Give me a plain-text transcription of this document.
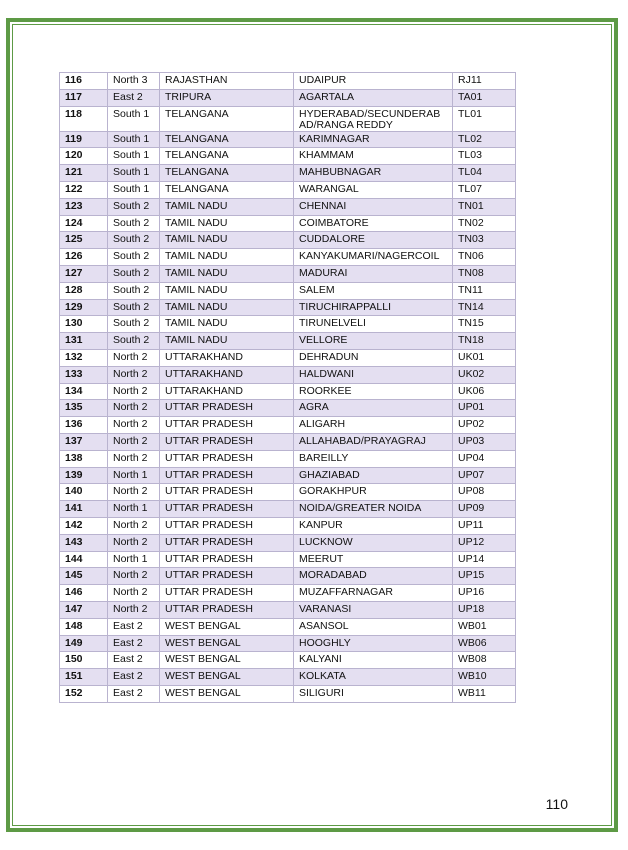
116	North 3	RAJASTHAN	UDAIPUR	RJ11
117	East 2	TRIPURA	AGARTALA	TA01
118	South 1	TELANGANA	HYDERABAD/SECUNDERAB AD/RANGA REDDY	TL01
119	South 1	TELANGANA	KARIMNAGAR	TL02
120	South 1	TELANGANA	KHAMMAM	TL03
121	South 1	TELANGANA	MAHBUBNAGAR	TL04
122	South 1	TELANGANA	WARANGAL	TL07
123	South 2	TAMIL NADU	CHENNAI	TN01
124	South 2	TAMIL NADU	COIMBATORE	TN02
125	South 2	TAMIL NADU	CUDDALORE	TN03
126	South 2	TAMIL NADU	KANYAKUMARI/NAGERCOIL	TN06
127	South 2	TAMIL NADU	MADURAI	TN08
128	South 2	TAMIL NADU	SALEM	TN11
129	South 2	TAMIL NADU	TIRUCHIRAPPALLI	TN14
130	South 2	TAMIL NADU	TIRUNELVELI	TN15
131	South 2	TAMIL NADU	VELLORE	TN18
132	North 2	UTTARAKHAND	DEHRADUN	UK01
133	North 2	UTTARAKHAND	HALDWANI	UK02
134	North 2	UTTARAKHAND	ROORKEE	UK06
135	North 2	UTTAR PRADESH	AGRA	UP01
136	North 2	UTTAR PRADESH	ALIGARH	UP02
137	North 2	UTTAR PRADESH	ALLAHABAD/PRAYAGRAJ	UP03
138	North 2	UTTAR PRADESH	BAREILLY	UP04
139	North 1	UTTAR PRADESH	GHAZIABAD	UP07
140	North 2	UTTAR PRADESH	GORAKHPUR	UP08
141	North 1	UTTAR PRADESH	NOIDA/GREATER NOIDA	UP09
142	North 2	UTTAR PRADESH	KANPUR	UP11
143	North 2	UTTAR PRADESH	LUCKNOW	UP12
144	North 1	UTTAR PRADESH	MEERUT	UP14
145	North 2	UTTAR PRADESH	MORADABAD	UP15
146	North 2	UTTAR PRADESH	MUZAFFARNAGAR	UP16
147	North 2	UTTAR PRADESH	VARANASI	UP18
148	East 2	WEST BENGAL	ASANSOL	WB01
149	East 2	WEST BENGAL	HOOGHLY	WB06
150	East 2	WEST BENGAL	KALYANI	WB08
151	East 2	WEST BENGAL	KOLKATA	WB10
152	East 2	WEST BENGAL	SILIGURI	WB11
110
